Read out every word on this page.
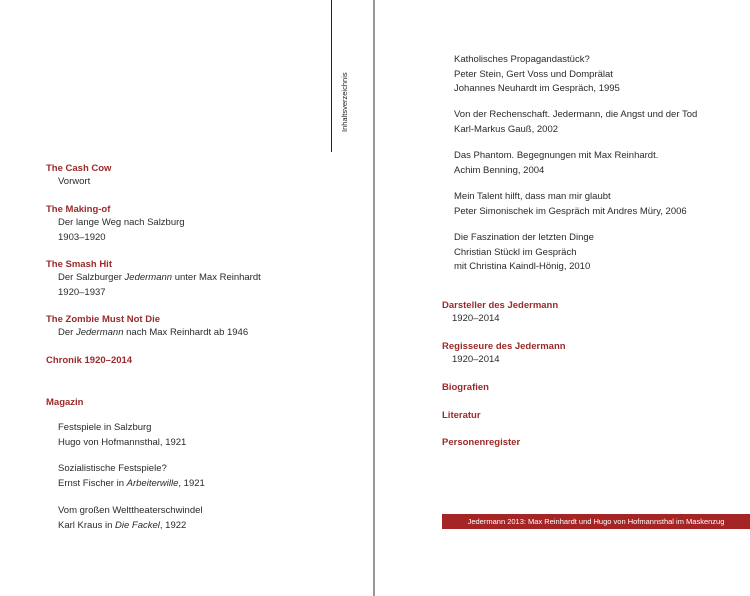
Inhaltsverzeichnis
The Cash Cow
Vorwort
The Making-of
Der lange Weg nach Salzburg
1903–1920
The Smash Hit
Der Salzburger Jedermann unter Max Reinhardt
1920–1937
The Zombie Must Not Die
Der Jedermann nach Max Reinhardt ab 1946
Chronik 1920–2014
Magazin
Festspiele in Salzburg
Hugo von Hofmannsthal, 1921
Sozialistische Festspiele?
Ernst Fischer in Arbeiterwille, 1921
Vom großen Welttheaterschwindel
Karl Kraus in Die Fackel, 1922
Katholisches Propagandastück?
Peter Stein, Gert Voss und Domprälat
Johannes Neuhardt im Gespräch, 1995
Von der Rechenschaft. Jedermann, die Angst und der Tod
Karl-Markus Gauß, 2002
Das Phantom. Begegnungen mit Max Reinhardt.
Achim Benning, 2004
Mein Talent hilft, dass man mir glaubt
Peter Simonischek im Gespräch mit Andres Müry, 2006
Die Faszination der letzten Dinge
Christian Stückl im Gespräch
mit Christina Kaindl-Hönig, 2010
Darsteller des Jedermann
1920–2014
Regisseure des Jedermann
1920–2014
Biografien
Literatur
Personenregister
Jedermann 2013: Max Reinhardt und Hugo von Hofmannsthal im Maskenzug
